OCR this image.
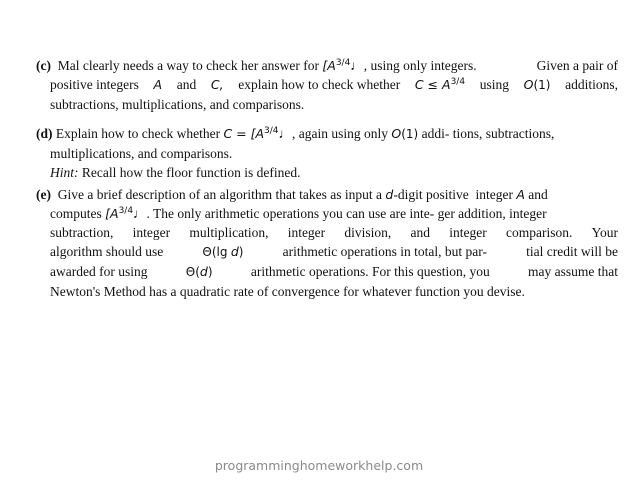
(c) Mal clearly needs a way to check her answer for [$A^{3/4}♩$, using only integers.	Given a pair of
positive integers A and C, explain how to check whether $C \le A^{3/4}$ using O(1) additions,
subtractions, multiplications, and comparisons.
(d) Explain how to check whether $C = [A^{3/4}♩$, again using only O(1) addi- tions, subtractions,
multiplications, and comparisons.
Hint: Recall how the floor function is defined.
(e) Give a brief description of an algorithm that takes as input a d-digit positive integer A and
computes [$A^{3/4}♩$. The only arithmetic operations you can use are inte- ger addition, integer
subtraction, integer multiplication, integer division, and integer comparison. Your
algorithm should use	Θ(lg d)	arithmetic operations in total, but par-	tial credit will be
awarded for using	Θ(d)	arithmetic operations. For this question, you	may assume that
Newton's Method has a quadratic rate of convergence for whatever function you devise.
programminghomeworkhelp.com
